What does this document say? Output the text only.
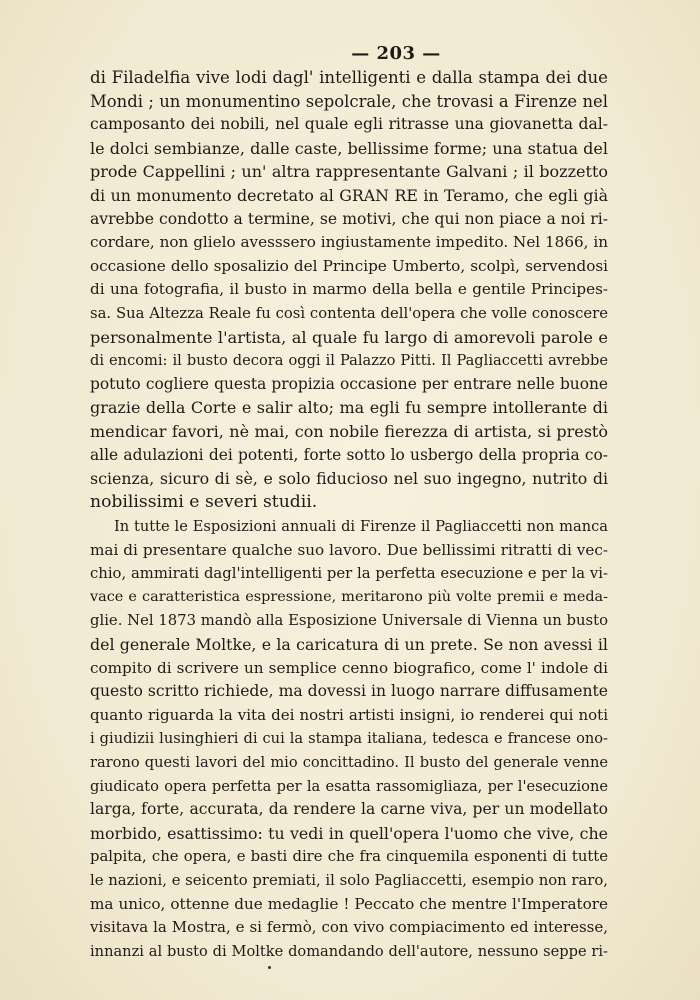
— 203 —
di Filadelfia vive lodi dagl' intelligenti e dalla stampa dei due
Mondi ; un monumentino sepolcrale, che trovasi a Firenze nel
camposanto dei nobili, nel quale egli ritrasse una giovanetta dal-
le dolci sembianze, dalle caste, bellissime forme; una statua del
prode Cappellini ; un' altra rappresentante Galvani ; il bozzetto
di un monumento decretato al GRAN RE in Teramo, che egli già
avrebbe condotto a termine, se motivi, che qui non piace a noi ri-
cordare, non glielo avesssero ingiustamente impedito. Nel 1866, in
occasione dello sposalizio del Principe Umberto, scolpì, servendosi
di una fotografia, il busto in marmo della bella e gentile Principes-
sa. Sua Altezza Reale fu così contenta dell'opera che volle conoscere
personalmente l'artista, al quale fu largo di amorevoli parole e
di encomi: il busto decora oggi il Palazzo Pitti. Il Pagliaccetti avrebbe
potuto cogliere questa propizia occasione per entrare nelle buone
grazie della Corte e salir alto; ma egli fu sempre intollerante di
mendicar favori, nè mai, con nobile fierezza di artista, si prestò
alle adulazioni dei potenti, forte sotto lo usbergo della propria co-
scienza, sicuro di sè, e solo fiducioso nel suo ingegno, nutrito di
nobilissimi e severi studii.
In tutte le Esposizioni annuali di Firenze il Pagliaccetti non manca
mai di presentare qualche suo lavoro. Due bellissimi ritratti di vec-
chio, ammirati dagl'intelligenti per la perfetta esecuzione e per la vi-
vace e caratteristica espressione, meritarono più volte premii e meda-
glie. Nel 1873 mandò alla Esposizione Universale di Vienna un busto
del generale Moltke, e la caricatura di un prete. Se non avessi il
compito di scrivere un semplice cenno biografico, come l' indole di
questo scritto richiede, ma dovessi in luogo narrare diffusamente
quanto riguarda la vita dei nostri artisti insigni, io renderei qui noti
i giudizii lusinghieri di cui la stampa italiana, tedesca e francese ono-
rarono questi lavori del mio concittadino. Il busto del generale venne
giudicato opera perfetta per la esatta rassomigliaza, per l'esecuzione
larga, forte, accurata, da rendere la carne viva, per un modellato
morbido, esattissimo: tu vedi in quell'opera l'uomo che vive, che
palpita, che opera, e basti dire che fra cinquemila esponenti di tutte
le nazioni, e seicento premiati, il solo Pagliaccetti, esempio non raro,
ma unico, ottenne due medaglie ! Peccato che mentre l'Imperatore
visitava la Mostra, e si fermò, con vivo compiacimento ed interesse,
innanzi al busto di Moltke domandando dell'autore, nessuno seppe ri-
